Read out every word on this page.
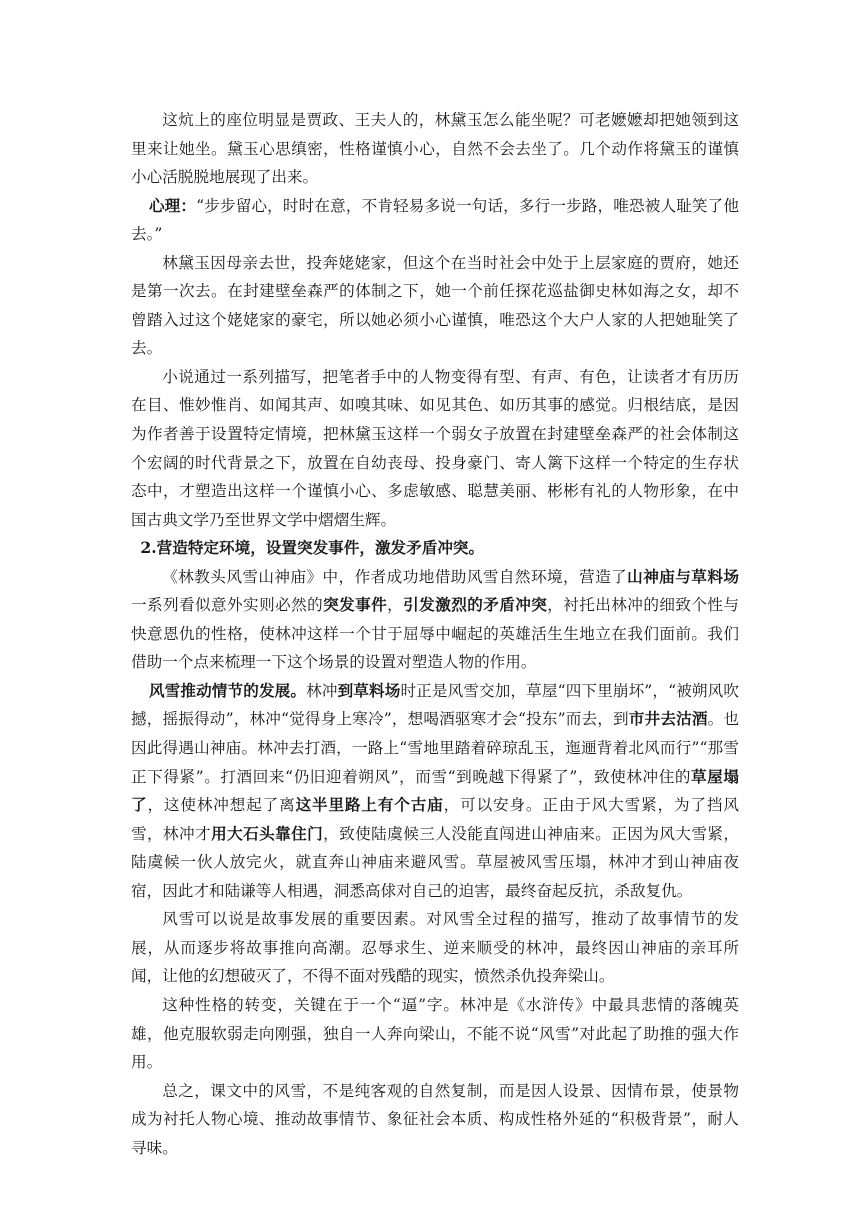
这炕上的座位明显是贾政、王夫人的，林黛玉怎么能坐呢？可老嬷嬷却把她领到这里来让她坐。黛玉心思缜密，性格谨慎小心，自然不会去坐了。几个动作将黛玉的谨慎小心活脱脱地展现了出来。

心理：“步步留心，时时在意，不肯轻易多说一句话，多行一步路，唯恐被人耻笑了他去。”

林黛玉因母亲去世，投奔姥姥家，但这个在当时社会中处于上层家庭的贾府，她还是第一次去。在封建壁垒森严的体制之下，她一个前任探花巡盐御史林如海之女，却不曾踏入过这个姥姥家的豪宅，所以她必须小心谨慎，唯恐这个大户人家的人把她耻笑了去。

小说通过一系列描写，把笔者手中的人物变得有型、有声、有色，让读者才有历历在目、惟妙惟肖、如闻其声、如嗅其味、如见其色、如历其事的感觉。归根结底，是因为作者善于设置特定情境，把林黛玉这样一个弱女子放置在封建壁垒森严的社会体制这个宏阔的时代背景之下，放置在自幼丧母、投身豪门、寄人篱下这样一个特定的生存状态中，才塑造出这样一个谨慎小心、多虑敏感、聪慧美丽、彬彬有礼的人物形象，在中国古典文学乃至世界文学中熠熠生辉。

2.营造特定环境，设置突发事件，激发矛盾冲突。

《林教头风雪山神庙》中，作者成功地借助风雪自然环境，营造了山神庙与草料场一系列看似意外实则必然的突发事件，引发激烈的矛盾冲突，衬托出林冲的细致个性与快意恩仇的性格，使林冲这样一个甘于屈辱中崛起的英雄活生生地立在我们面前。我们借助一个点来梳理一下这个场景的设置对塑造人物的作用。

风雪推动情节的发展。林冲到草料场时正是风雪交加，草屋“四下里崩坏”，“被朔风吹撼，摇振得动”，林冲“觉得身上寒冷”，想喝酒驱寒才会“投东”而去，到市井去沽酒。也因此得遇山神庙。林冲去打酒，一路上“雪地里踏着碎琼乱玉，迤逦背着北风而行”“那雪正下得紧”。打酒回来“仍旧迎着朔风”，而雪“到晚越下得紧了”，致使林冲住的草屋塌了，这使林冲想起了离这半里路上有个古庙，可以安身。正由于风大雪紧，为了挡风雪，林冲才用大石头靠住门，致使陆虞候三人没能直闯进山神庙来。正因为风大雪紧，陆虞候一伙人放完火，就直奔山神庙来避风雪。草屋被风雪压塌，林冲才到山神庙夜宿，因此才和陆谦等人相遇，洞悉高俅对自己的迫害，最终奋起反抗，杀敌复仇。

风雪可以说是故事发展的重要因素。对风雪全过程的描写，推动了故事情节的发展，从而逐步将故事推向高潮。忍辱求生、逆来顺受的林冲，最终因山神庙的亲耳所闻，让他的幻想破灭了，不得不面对残酷的现实，愤然杀仇投奔梁山。

这种性格的转变，关键在于一个“逼”字。林冲是《水浒传》中最具悲情的落魄英雄，他克服软弱走向刚强，独自一人奔向梁山，不能不说“风雪”对此起了助推的强大作用。

总之，课文中的风雪，不是纯客观的自然复制，而是因人设景、因情布景，使景物成为衬托人物心境、推动故事情节、象征社会本质、构成性格外延的“积极背景”，耐人寻味。
